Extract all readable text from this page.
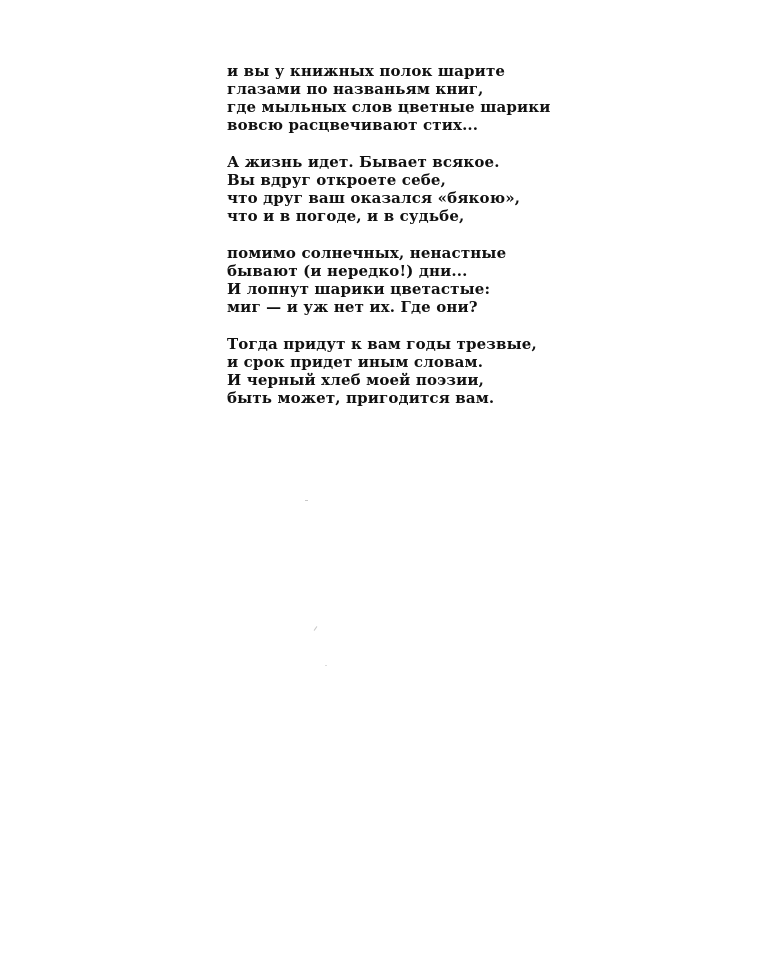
и вы у книжных полок шарите
глазами по названьям книг,
где мыльных слов цветные шарики
вовсю расцвечивают стих...
А жизнь идет. Бывает всякое.
Вы вдруг откроете себе,
что друг ваш оказался «бякою»,
что и в погоде, и в судьбе,
помимо солнечных, ненастные
бывают (и нередко!) дни...
И лопнут шарики цветастые:
миг — и уж нет их. Где они?
Тогда придут к вам годы трезвые,
и срок придет иным словам.
И черный хлеб моей поэзии,
быть может, пригодится вам.
